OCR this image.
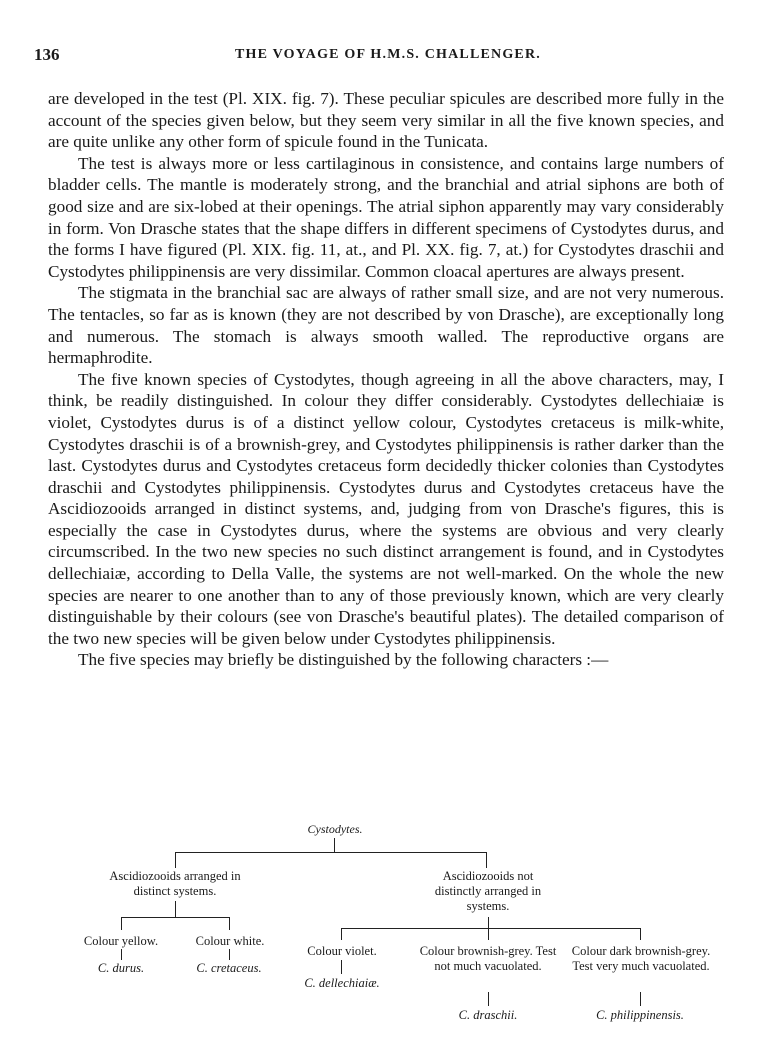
136	THE VOYAGE OF H.M.S. CHALLENGER.

are developed in the test (Pl. XIX. fig. 7). These peculiar spicules are described more fully in the account of the species given below, but they seem very similar in all the five known species, and are quite unlike any other form of spicule found in the Tunicata.

The test is always more or less cartilaginous in consistence, and contains large numbers of bladder cells. The mantle is moderately strong, and the branchial and atrial siphons are both of good size and are six-lobed at their openings. The atrial siphon apparently may vary considerably in form. Von Drasche states that the shape differs in different specimens of Cystodytes durus, and the forms I have figured (Pl. XIX. fig. 11, at., and Pl. XX. fig. 7, at.) for Cystodytes draschii and Cystodytes philippinensis are very dissimilar. Common cloacal apertures are always present.

The stigmata in the branchial sac are always of rather small size, and are not very numerous. The tentacles, so far as is known (they are not described by von Drasche), are exceptionally long and numerous. The stomach is always smooth walled. The reproductive organs are hermaphrodite.

The five known species of Cystodytes, though agreeing in all the above characters, may, I think, be readily distinguished. In colour they differ considerably. Cystodytes dellechiaiæ is violet, Cystodytes durus is of a distinct yellow colour, Cystodytes cretaceus is milk-white, Cystodytes draschii is of a brownish-grey, and Cystodytes philippinensis is rather darker than the last. Cystodytes durus and Cystodytes cretaceus form decidedly thicker colonies than Cystodytes draschii and Cystodytes philippinensis. Cystodytes durus and Cystodytes cretaceus have the Ascidiozooids arranged in distinct systems, and, judging from von Drasche's figures, this is especially the case in Cystodytes durus, where the systems are obvious and very clearly circumscribed. In the two new species no such distinct arrangement is found, and in Cystodytes dellechiaiæ, according to Della Valle, the systems are not well-marked. On the whole the new species are nearer to one another than to any of those previously known, which are very clearly distinguishable by their colours (see von Drasche's beautiful plates). The detailed comparison of the two new species will be given below under Cystodytes philippinensis.

The five species may briefly be distinguished by the following characters :—

Cystodytes.
Ascidiozooids arranged in distinct systems.
Ascidiozooids not distinctly arranged in systems.
Colour yellow.	Colour white.
Colour violet.	Colour brownish-grey. Test not much vacuolated.
Colour dark brownish-grey. Test very much vacuolated.
C. durus.	C. cretaceus.
C. dellechiaiæ.
C. draschii.	C. philippinensis.
